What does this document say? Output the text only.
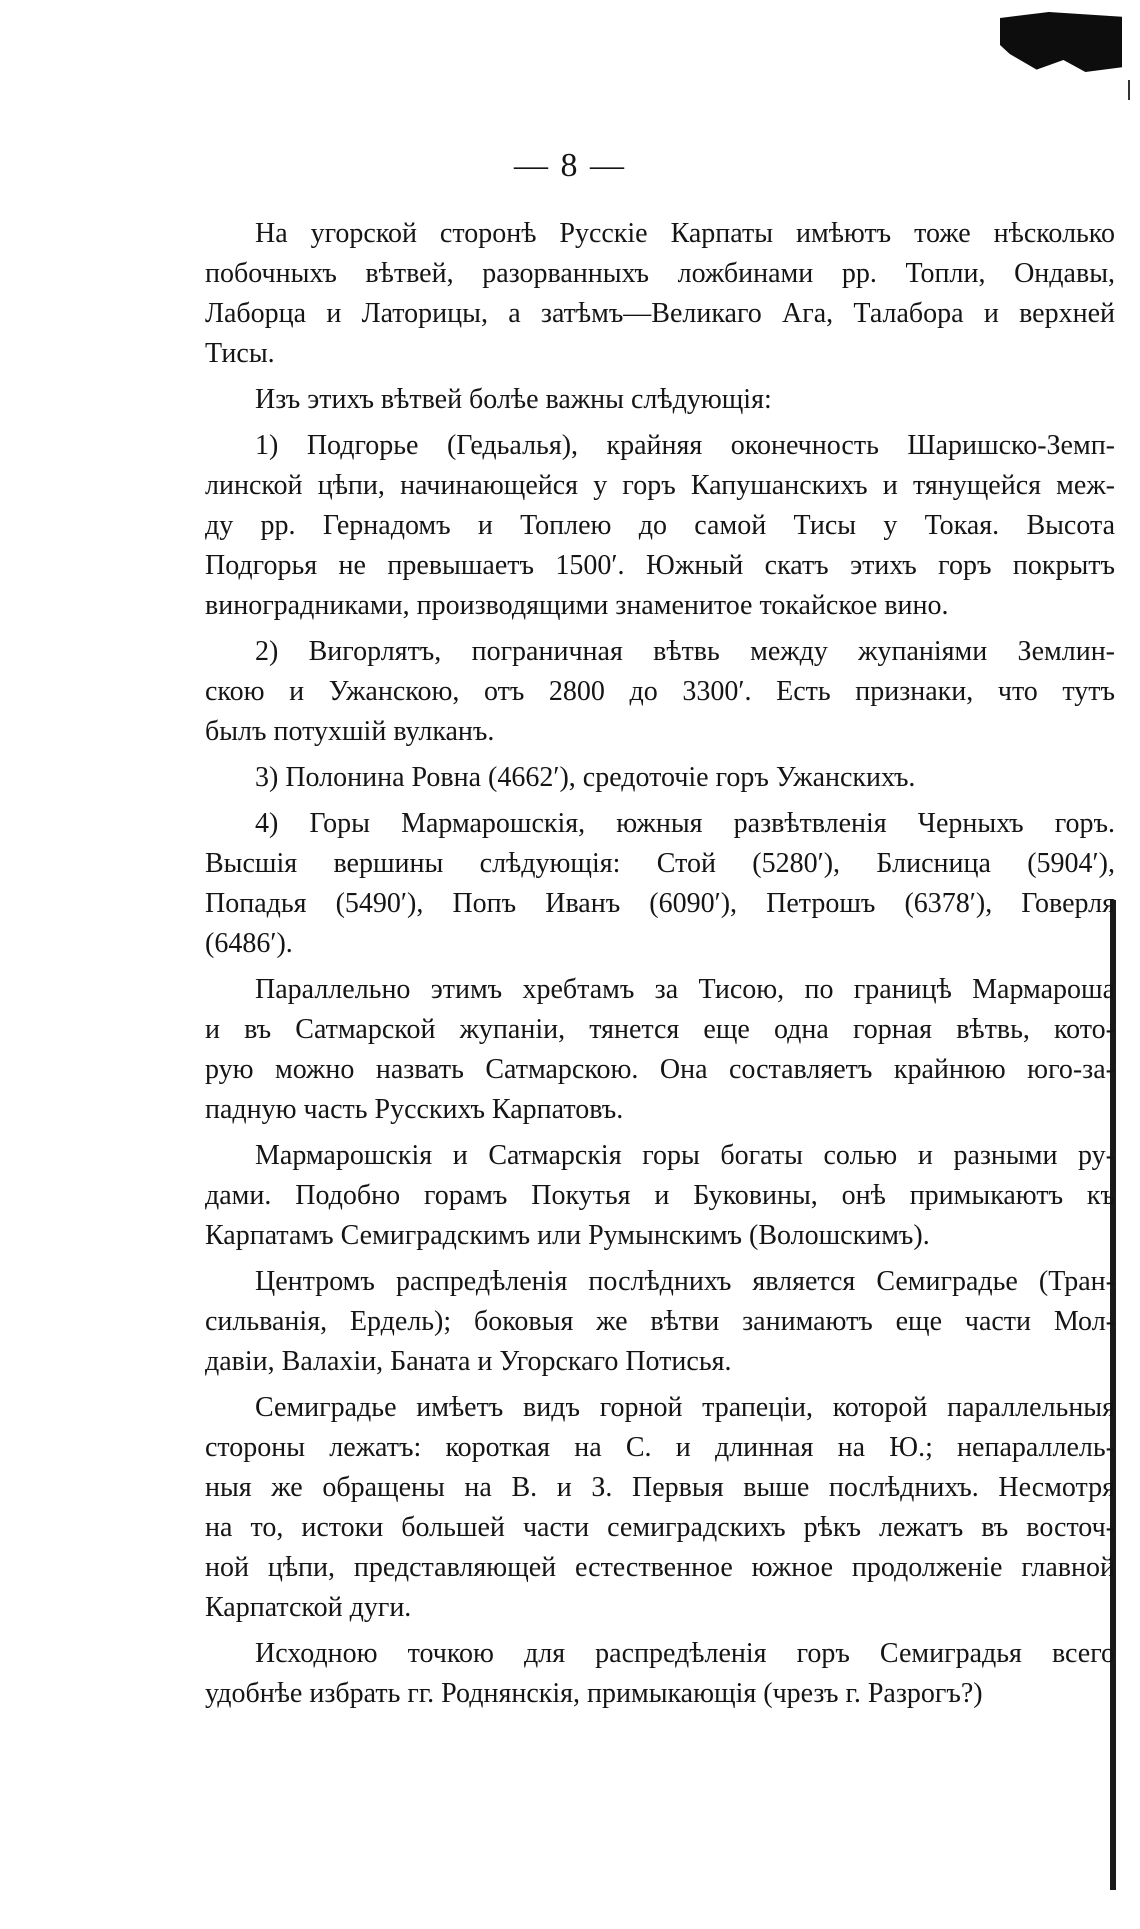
— 8 —

На угорской сторонѣ Русскіе Карпаты имѣютъ тоже нѣсколько
побочныхъ вѣтвей, разорванныхъ ложбинами рр. Топли, Ондавы,
Лаборца и Латорицы, а затѣмъ—Великаго Ага, Талабора и верхней
Тисы.

Изъ этихъ вѣтвей болѣе важны слѣдующія:

1) Подгорье (Гедьалья), крайняя оконечность Шаришско-Земп-
линской цѣпи, начинающейся у горъ Капушанскихъ и тянущейся меж-
ду рр. Гернадомъ и Топлею до самой Тисы у Токая. Высота
Подгорья не превышаетъ 1500′. Южный скатъ этихъ горъ покрытъ
виноградниками, производящими знаменитое токайское вино.

2) Вигорлятъ, пограничная вѣтвь между жупаніями Землин-
скою и Ужанскою, отъ 2800 до 3300′. Есть признаки, что тутъ
былъ потухшій вулканъ.

3) Полонина Ровна (4662′), средоточіе горъ Ужанскихъ.

4) Горы Мармарошскія, южныя развѣтвленія Черныхъ горъ.
Высшія вершины слѣдующія: Стой (5280′), Блисница (5904′),
Попадья (5490′), Попъ Иванъ (6090′), Петрошъ (6378′), Говерля
(6486′).

Параллельно этимъ хребтамъ за Тисою, по границѣ Мармароша
и въ Сатмарской жупаніи, тянется еще одна горная вѣтвь, кото-
рую можно назвать Сатмарскою. Она составляетъ крайнюю юго-за-
падную часть Русскихъ Карпатовъ.

Мармарошскія и Сатмарскія горы богаты солью и разными ру-
дами. Подобно горамъ Покутья и Буковины, онѣ примыкаютъ къ
Карпатамъ Семиградскимъ или Румынскимъ (Волошскимъ).

Центромъ распредѣленія послѣднихъ является Семиградье (Тран-
сильванія, Ердель); боковыя же вѣтви занимаютъ еще части Мол-
давіи, Валахіи, Баната и Угорскаго Потисья.

Семиградье имѣетъ видъ горной трапеціи, которой параллельныя
стороны лежатъ: короткая на С. и длинная на Ю.; непараллель-
ныя же обращены на В. и З. Первыя выше послѣднихъ. Несмотря
на то, истоки большей части семиградскихъ рѣкъ лежатъ въ восточ-
ной цѣпи, представляющей естественное южное продолженіе главной
Карпатской дуги.

Исходною точкою для распредѣленія горъ Семиградья всего
удобнѣе избрать гг. Роднянскія, примыкающія (чрезъ г. Разрогъ?)
